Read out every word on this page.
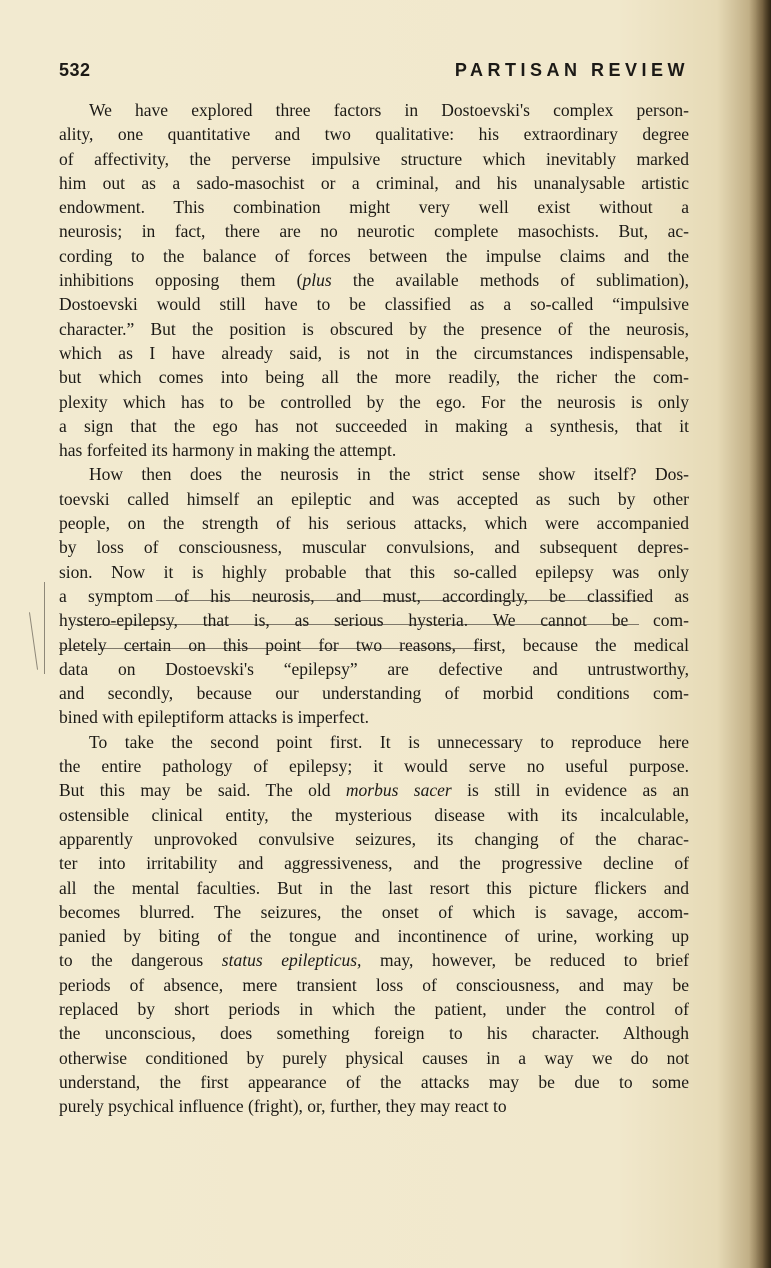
532	PARTISAN REVIEW
We have explored three factors in Dostoevski's complex person-
ality, one quantitative and two qualitative: his extraordinary degree
of affectivity, the perverse impulsive structure which inevitably marked
him out as a sado-masochist or a criminal, and his unanalysable artistic
endowment. This combination might very well exist without a
neurosis; in fact, there are no neurotic complete masochists. But, ac-
cording to the balance of forces between the impulse claims and the
inhibitions opposing them (plus the available methods of sublimation),
Dostoevski would still have to be classified as a so-called “impulsive
character.” But the position is obscured by the presence of the neurosis,
which as I have already said, is not in the circumstances indispensable,
but which comes into being all the more readily, the richer the com-
plexity which has to be controlled by the ego. For the neurosis is only
a sign that the ego has not succeeded in making a synthesis, that it
has forfeited its harmony in making the attempt.
How then does the neurosis in the strict sense show itself? Dos-
toevski called himself an epileptic and was accepted as such by other
people, on the strength of his serious attacks, which were accompanied
by loss of consciousness, muscular convulsions, and subsequent depres-
sion. Now it is highly probable that this so-called epilepsy was only
a symptom of his neurosis, and must, accordingly, be classified as
hystero-epilepsy, that is, as serious hysteria. We cannot be com-
pletely certain on this point for two reasons, first, because the medical
data on Dostoevski's “epilepsy” are defective and untrustworthy,
and secondly, because our understanding of morbid conditions com-
bined with epileptiform attacks is imperfect.
To take the second point first. It is unnecessary to reproduce here
the entire pathology of epilepsy; it would serve no useful purpose.
But this may be said. The old morbus sacer is still in evidence as an
ostensible clinical entity, the mysterious disease with its incalculable,
apparently unprovoked convulsive seizures, its changing of the charac-
ter into irritability and aggressiveness, and the progressive decline of
all the mental faculties. But in the last resort this picture flickers and
becomes blurred. The seizures, the onset of which is savage, accom-
panied by biting of the tongue and incontinence of urine, working up
to the dangerous status epilepticus, may, however, be reduced to brief
periods of absence, mere transient loss of consciousness, and may be
replaced by short periods in which the patient, under the control of
the unconscious, does something foreign to his character. Although
otherwise conditioned by purely physical causes in a way we do not
understand, the first appearance of the attacks may be due to some
purely psychical influence (fright), or, further, they may react to
